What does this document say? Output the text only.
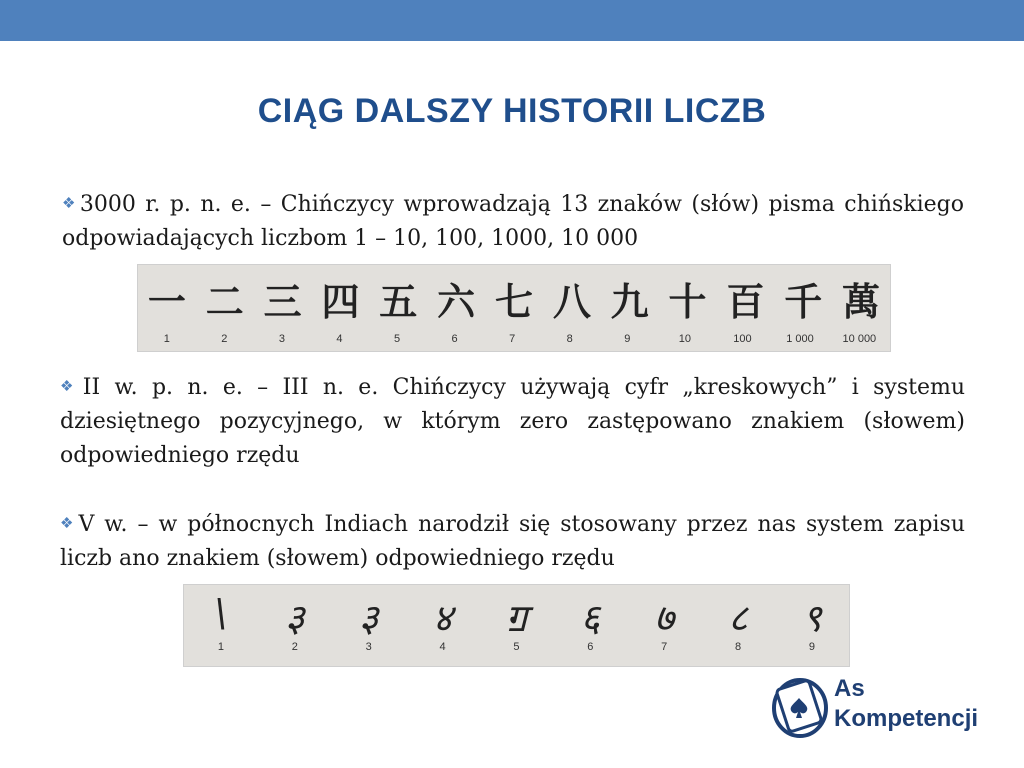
CIĄG DALSZY HISTORII LICZB
❖3000 r. p. n. e. – Chińczycy wprowadzają 13 znaków (słów) pisma chińskiego odpowiadających liczbom 1 – 10, 100, 1000, 10 000
一 二 三 四 五 六 七 八 九 十 百 千 萬
1	2	3	4	5	6	7	8	9	10	100	1 000	10 000
❖II w. p. n. e. – III n. e. Chińczycy używają cyfr „kreskowych” i systemu dziesiętnego pozycyjnego, w którym zero zastępowano znakiem (słowem) odpowiedniego rzędu
❖V w. – w północnych Indiach narodził się stosowany przez nas system zapisu liczb ano znakiem (słowem) odpowiedniego rzędu
\ ३ ३ ४ ॻ ६ ७ ८ ९
1	2	3	4	5	6	7	8	9
As
Kompetencji
